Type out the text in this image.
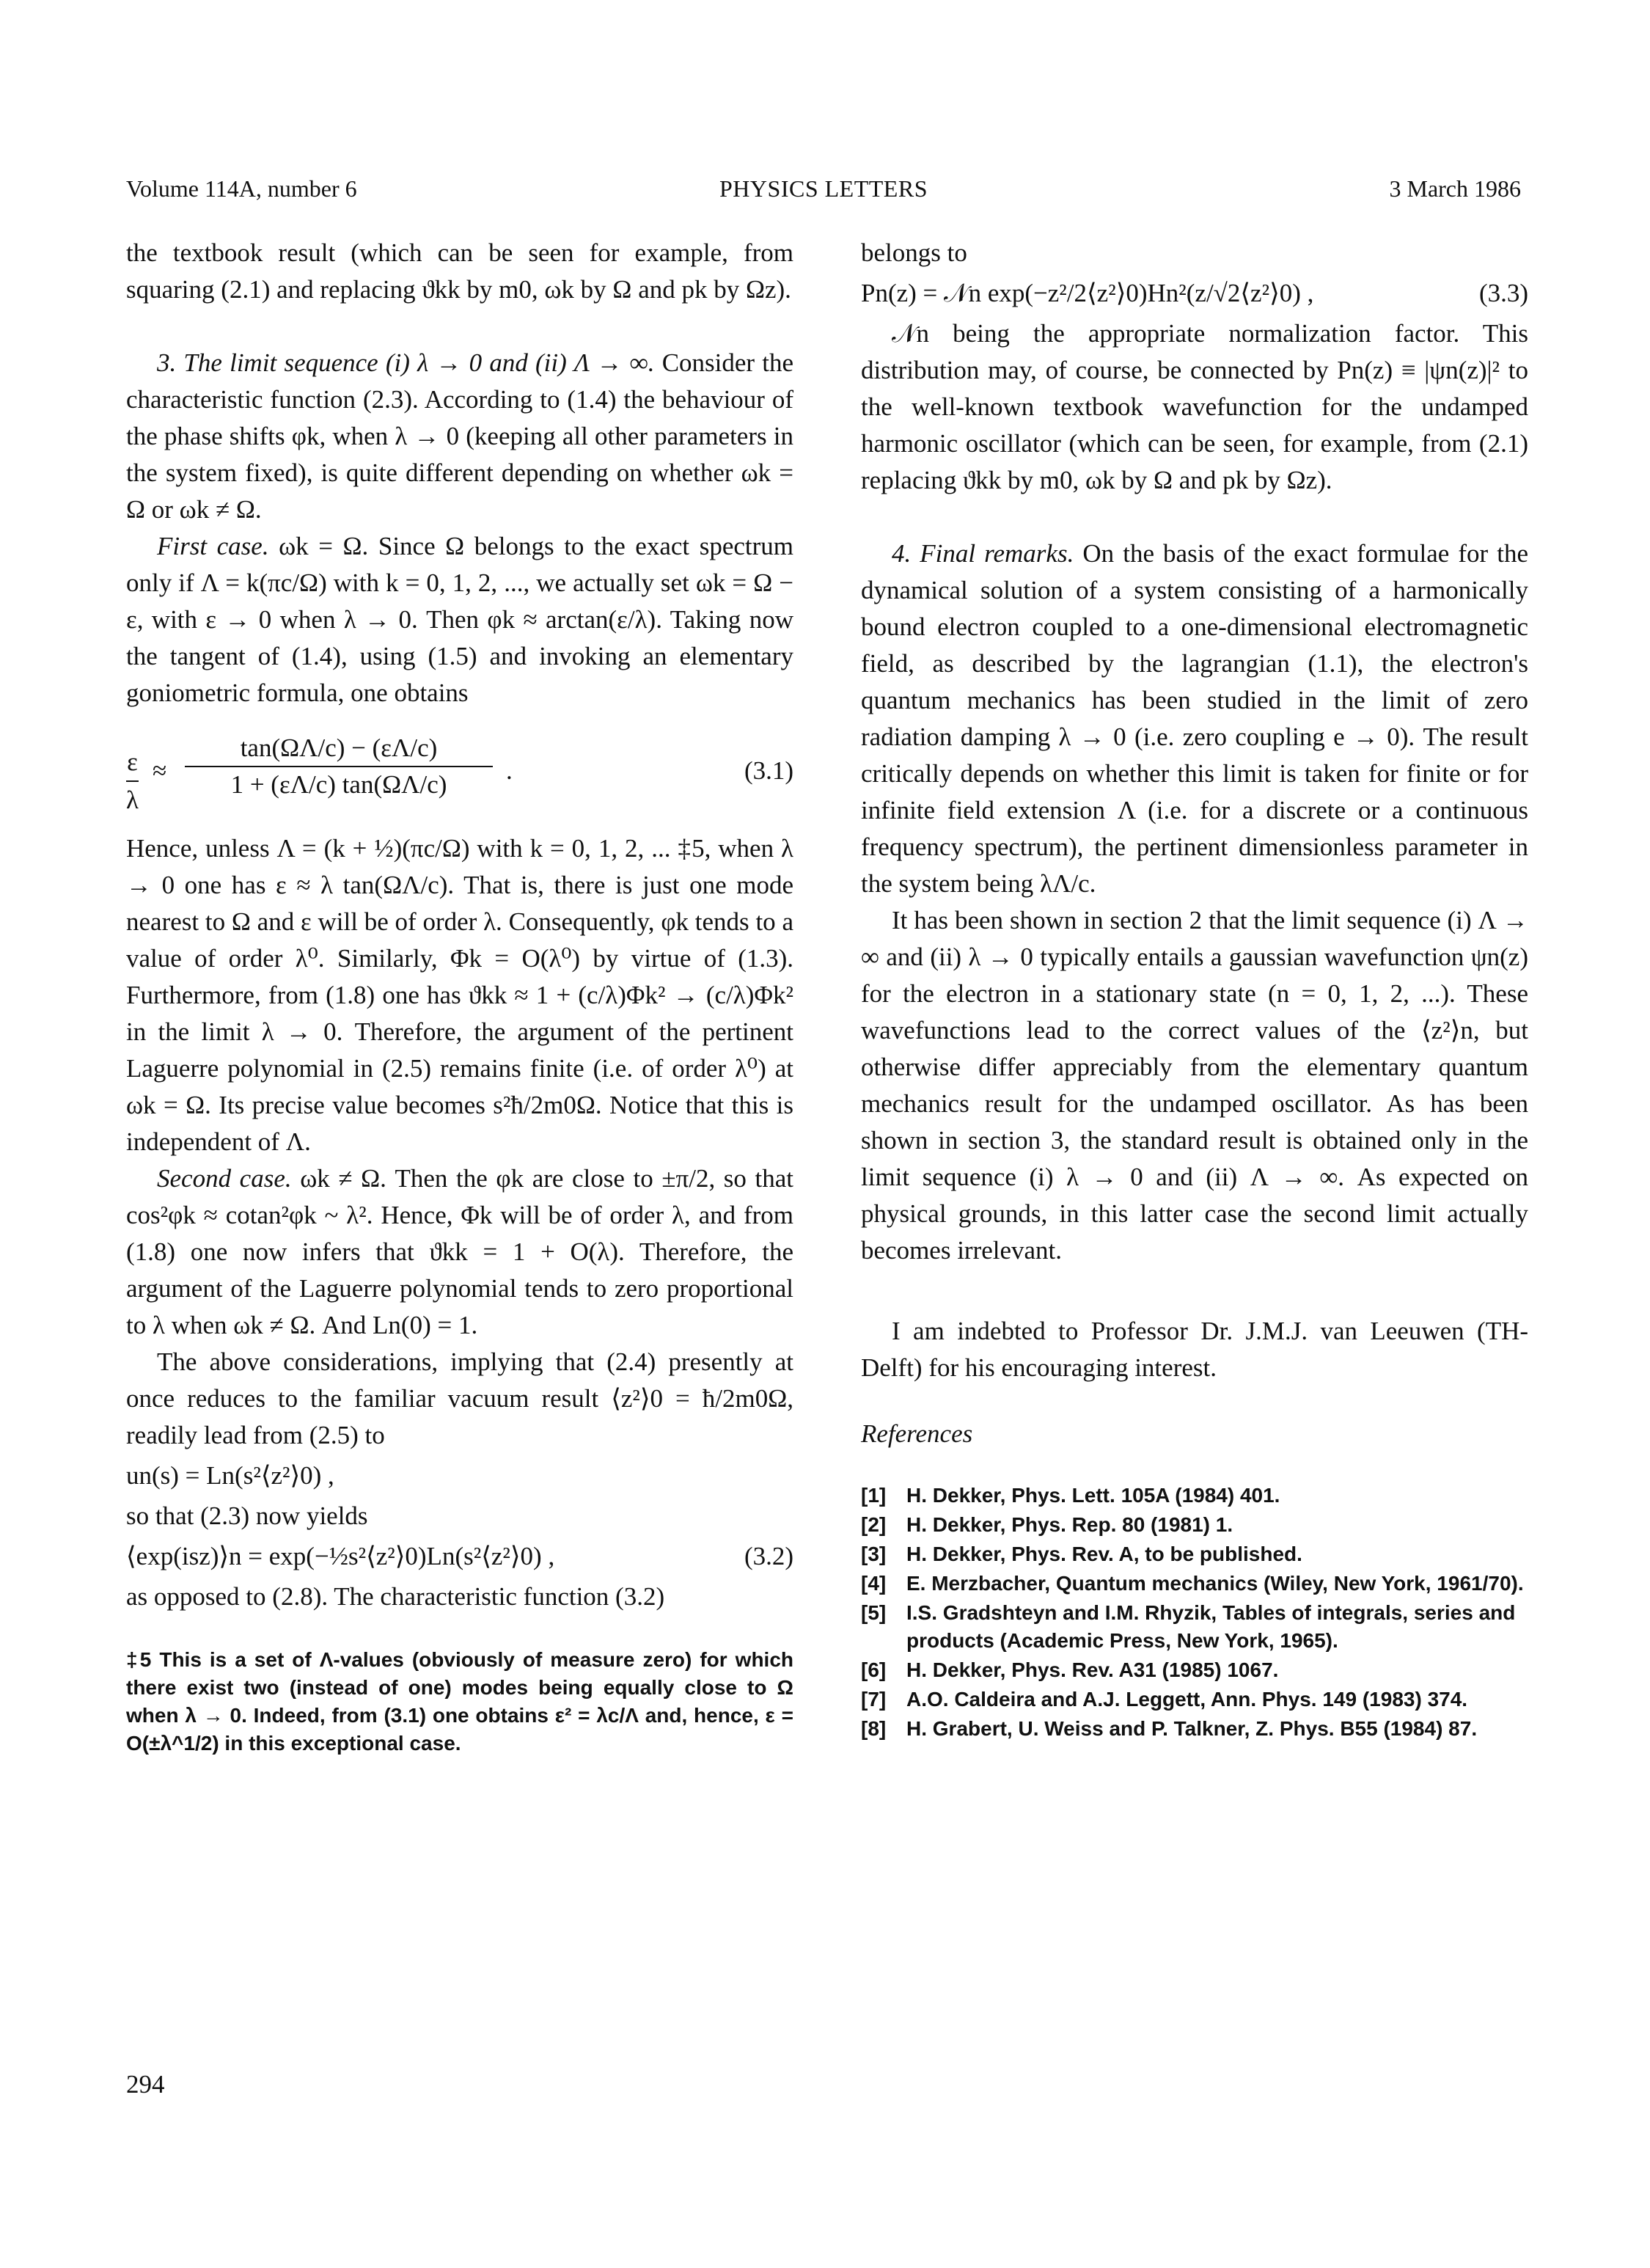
Volume 114A, number 6	PHYSICS LETTERS	3 March 1986

the textbook result (which can be seen for example, from squaring (2.1) and replacing ϑkk by m0, ωk by Ω and pk by Ωz).

3. The limit sequence (i) λ → 0 and (ii) Λ → ∞. Consider the characteristic function (2.3). According to (1.4) the behaviour of the phase shifts φk, when λ → 0 (keeping all other parameters in the system fixed), is quite different depending on whether ωk = Ω or ωk ≠ Ω.

First case. ωk = Ω. Since Ω belongs to the exact spectrum only if Λ = k(πc/Ω) with k = 0, 1, 2, ..., we actually set ωk = Ω − ε, with ε → 0 when λ → 0. Then φk ≈ arctan(ε/λ). Taking now the tangent of (1.4), using (1.5) and invoking an elementary goniometric formula, one obtains

ε
λ
≈
tan(ΩΛ/c) − (εΛ/c)
1 + (εΛ/c) tan(ΩΛ/c)	.	(3.1)

Hence, unless Λ = (k + ½)(πc/Ω) with k = 0, 1, 2, ... ‡5, when λ → 0 one has ε ≈ λ tan(ΩΛ/c). That is, there is just one mode nearest to Ω and ε will be of order λ. Consequently, φk tends to a value of order λ⁰. Similarly, Φk = O(λ⁰) by virtue of (1.3). Furthermore, from (1.8) one has ϑkk ≈ 1 + (c/λ)Φk² → (c/λ)Φk² in the limit λ → 0. Therefore, the argument of the pertinent Laguerre polynomial in (2.5) remains finite (i.e. of order λ⁰) at ωk = Ω. Its precise value becomes s²ħ/2m0Ω. Notice that this is independent of Λ.

Second case. ωk ≠ Ω. Then the φk are close to ±π/2, so that cos²φk ≈ cotan²φk ~ λ². Hence, Φk will be of order λ, and from (1.8) one now infers that ϑkk = 1 + O(λ). Therefore, the argument of the Laguerre polynomial tends to zero proportional to λ when ωk ≠ Ω. And Ln(0) = 1.

The above considerations, implying that (2.4) presently at once reduces to the familiar vacuum result ⟨z²⟩0 = ħ/2m0Ω, readily lead from (2.5) to

un(s) = Ln(s²⟨z²⟩0) ,

so that (2.3) now yields

⟨exp(isz)⟩n = exp(−½s²⟨z²⟩0)Ln(s²⟨z²⟩0) ,	(3.2)

as opposed to (2.8). The characteristic function (3.2)

‡5 This is a set of Λ-values (obviously of measure zero) for which there exist two (instead of one) modes being equally close to Ω when λ → 0. Indeed, from (3.1) one obtains ε² = λc/Λ and, hence, ε = O(±λ^1/2) in this exceptional case.

belongs to

Pn(z) = 𝒩n exp(−z²/2⟨z²⟩0)Hn²(z/√2⟨z²⟩0) ,	(3.3)

𝒩n being the appropriate normalization factor. This distribution may, of course, be connected by Pn(z) ≡ |ψn(z)|² to the well-known textbook wavefunction for the undamped harmonic oscillator (which can be seen, for example, from (2.1) replacing ϑkk by m0, ωk by Ω and pk by Ωz).

4. Final remarks. On the basis of the exact formulae for the dynamical solution of a system consisting of a harmonically bound electron coupled to a one-dimensional electromagnetic field, as described by the lagrangian (1.1), the electron's quantum mechanics has been studied in the limit of zero radiation damping λ → 0 (i.e. zero coupling e → 0). The result critically depends on whether this limit is taken for finite or for infinite field extension Λ (i.e. for a discrete or a continuous frequency spectrum), the pertinent dimensionless parameter in the system being λΛ/c.

It has been shown in section 2 that the limit sequence (i) Λ → ∞ and (ii) λ → 0 typically entails a gaussian wavefunction ψn(z) for the electron in a stationary state (n = 0, 1, 2, ...). These wavefunctions lead to the correct values of the ⟨z²⟩n, but otherwise differ appreciably from the elementary quantum mechanics result for the undamped oscillator. As has been shown in section 3, the standard result is obtained only in the limit sequence (i) λ → 0 and (ii) Λ → ∞. As expected on physical grounds, in this latter case the second limit actually becomes irrelevant.

I am indebted to Professor Dr. J.M.J. van Leeuwen (TH-Delft) for his encouraging interest.

References

[1] H. Dekker, Phys. Lett. 105A (1984) 401.
[2] H. Dekker, Phys. Rep. 80 (1981) 1.
[3] H. Dekker, Phys. Rev. A, to be published.
[4] E. Merzbacher, Quantum mechanics (Wiley, New York, 1961/70).
[5] I.S. Gradshteyn and I.M. Rhyzik, Tables of integrals, series and products (Academic Press, New York, 1965).
[6] H. Dekker, Phys. Rev. A31 (1985) 1067.
[7] A.O. Caldeira and A.J. Leggett, Ann. Phys. 149 (1983) 374.
[8] H. Grabert, U. Weiss and P. Talkner, Z. Phys. B55 (1984) 87.
294
